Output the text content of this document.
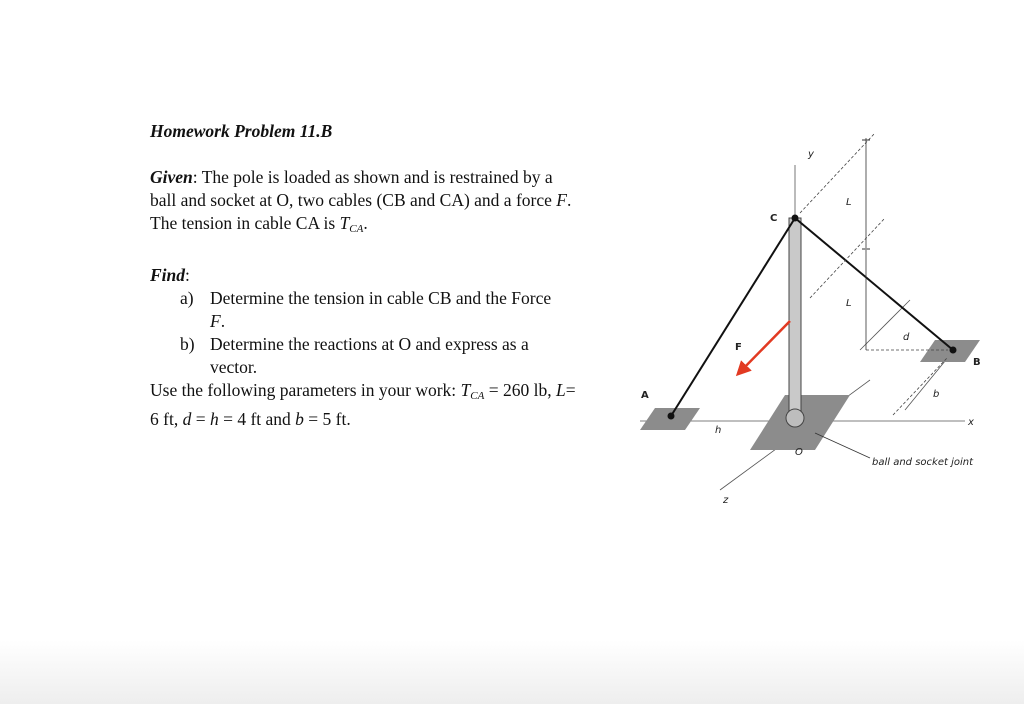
Homework Problem 11.B
Given: The pole is loaded as shown and is restrained by a ball and socket at O, two cables (CB and CA) and a force F. The tension in cable CA is $T_{CA}$.
Find:
a) Determine the tension in cable CB and the Force F.
b) Determine the reactions at O and express as a vector.
Use the following parameters in your work: $T_{CA} = 260$ lb, L= 6 ft, d = h = 4 ft and b = 5 ft.
y
x
z
C
A
B
O
F
L
L
d
h
b
ball and socket joint
